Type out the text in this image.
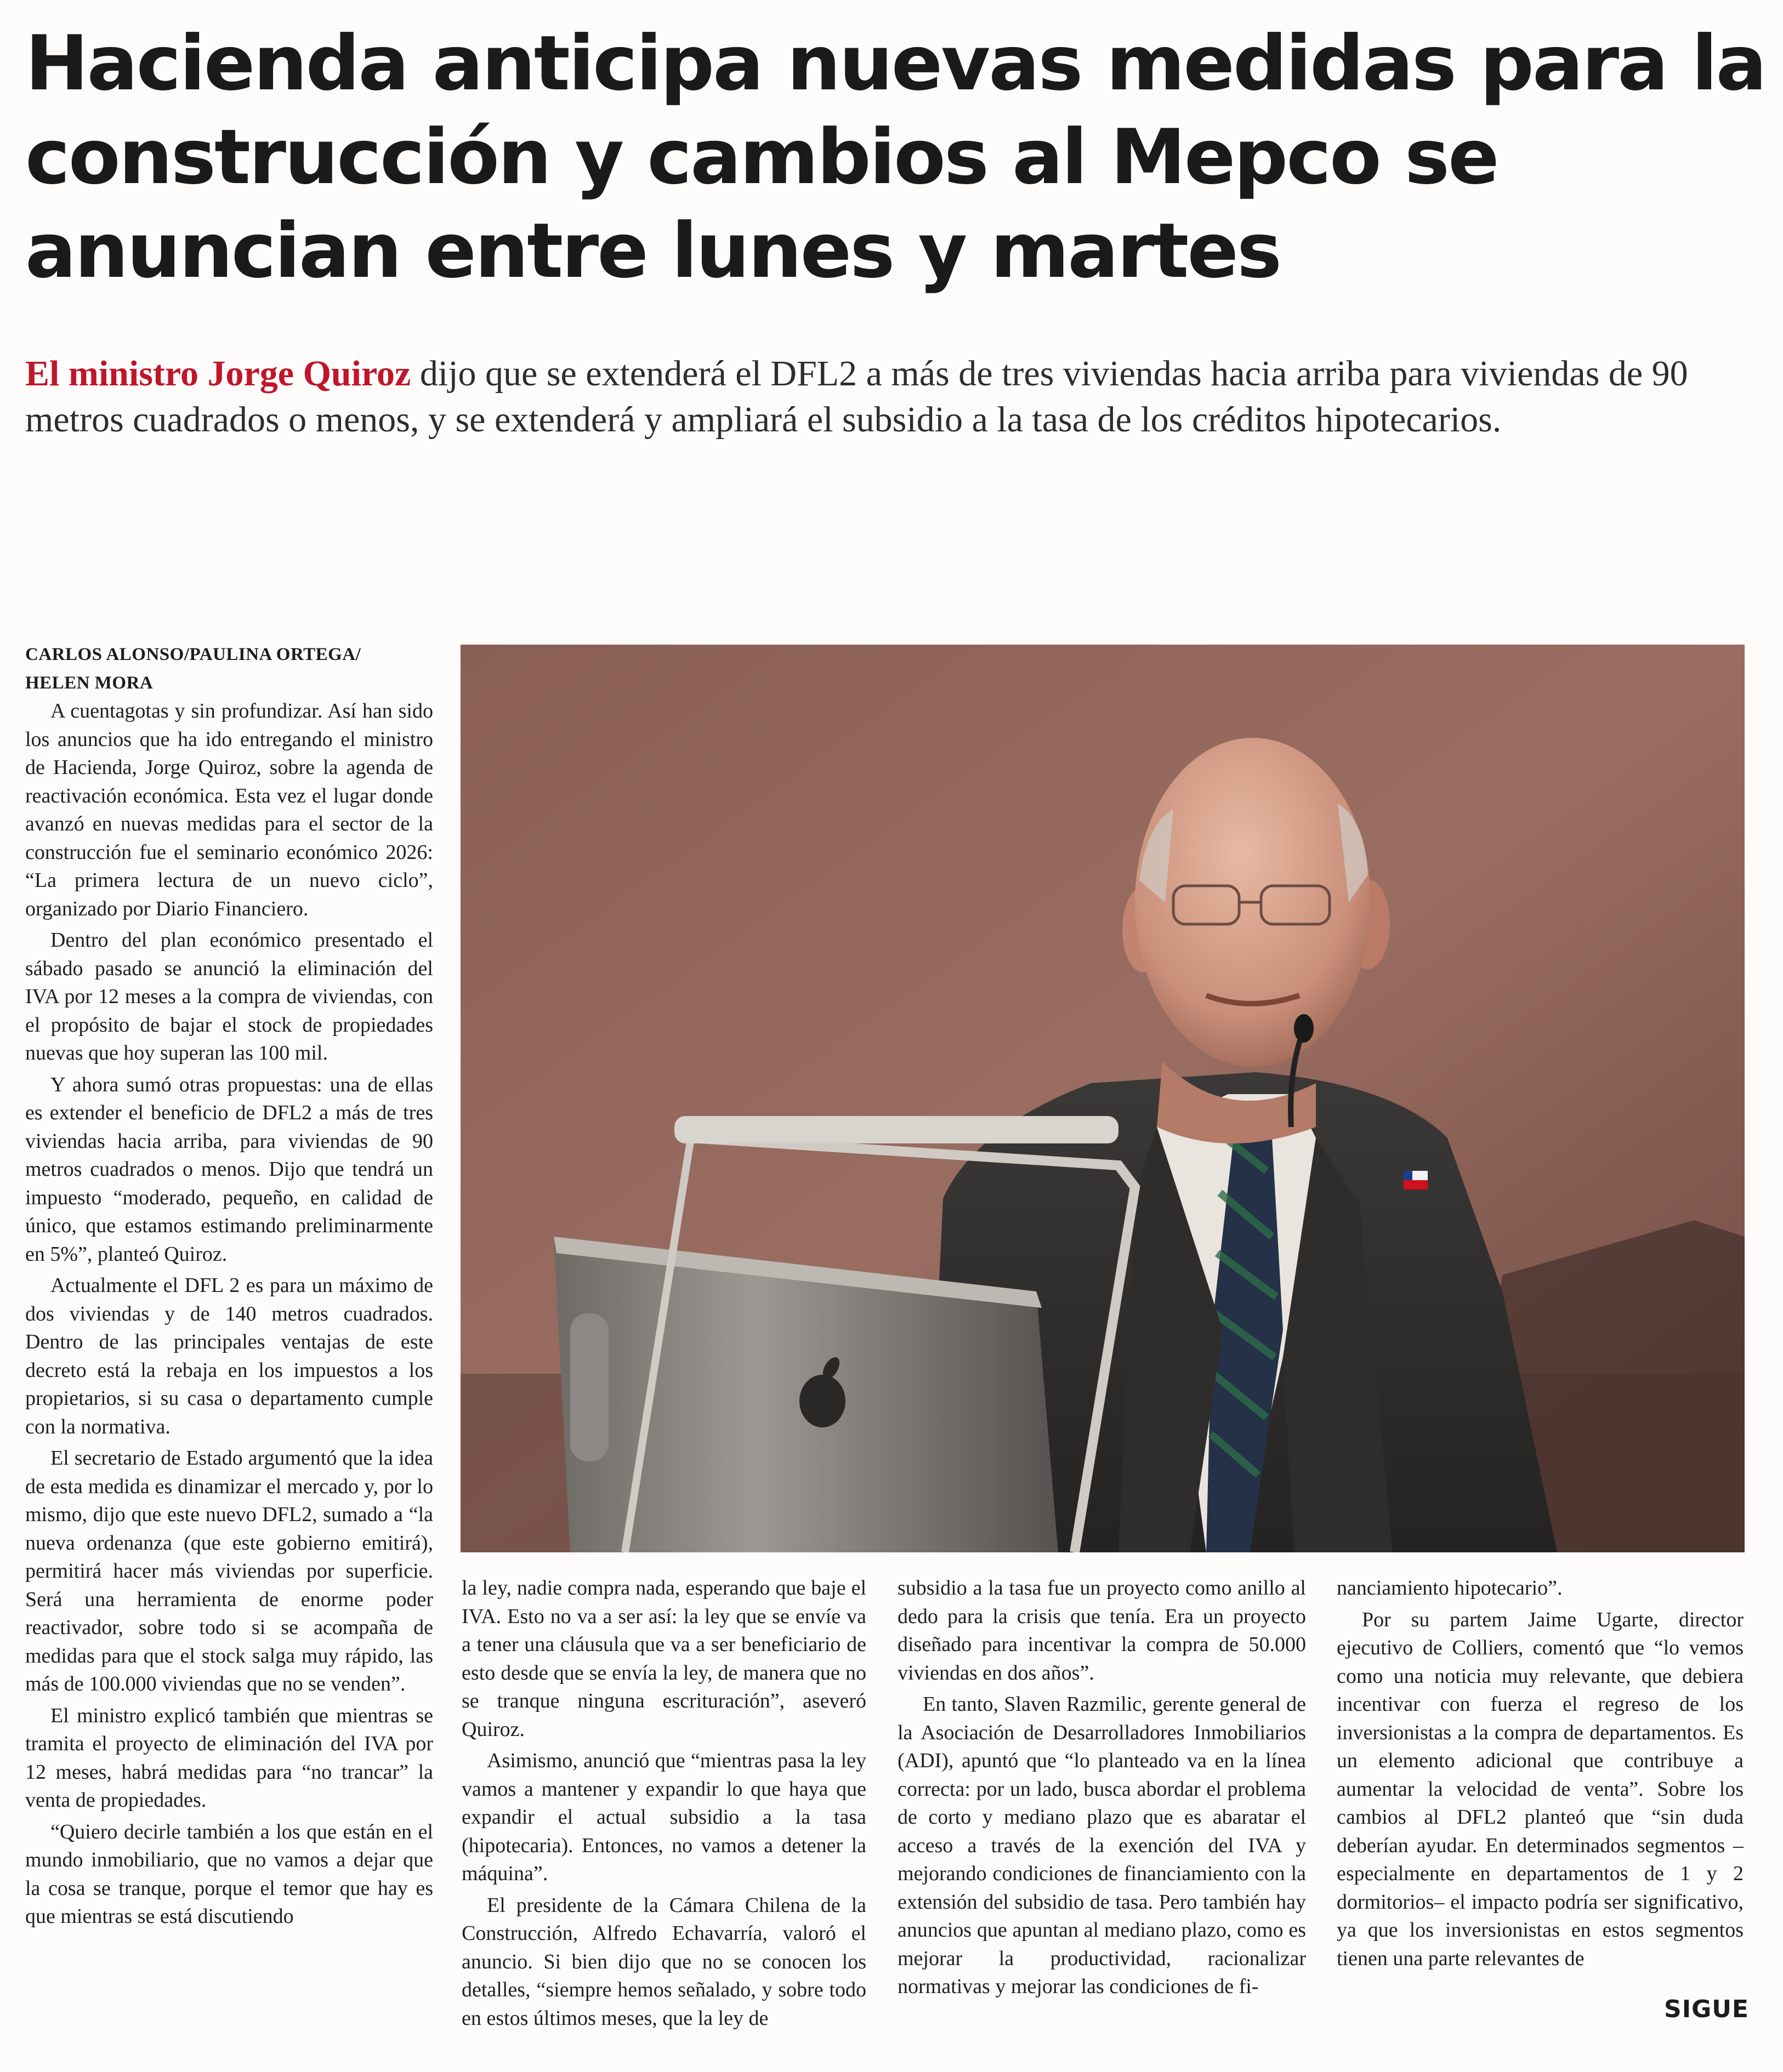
Hacienda anticipa nuevas medidas para la construcción y cambios al Mepco se anuncian entre lunes y martes

El ministro Jorge Quiroz dijo que se extenderá el DFL2 a más de tres viviendas hacia arriba para viviendas de 90 metros cuadrados o menos, y se extenderá y ampliará el subsidio a la tasa de los créditos hipotecarios.

CARLOS ALONSO/PAULINA ORTEGA/ HELEN MORA

A cuentagotas y sin profundizar. Así han sido los anuncios que ha ido entregando el ministro de Hacienda, Jorge Quiroz, sobre la agenda de reactivación económica. Esta vez el lugar donde avanzó en nuevas medidas para el sector de la construcción fue el seminario económico 2026: “La primera lectura de un nuevo ciclo”, organizado por Diario Financiero.

Dentro del plan económico presentado el sábado pasado se anunció la eliminación del IVA por 12 meses a la compra de viviendas, con el propósito de bajar el stock de propiedades nuevas que hoy superan las 100 mil.

Y ahora sumó otras propuestas: una de ellas es extender el beneficio de DFL2 a más de tres viviendas hacia arriba, para viviendas de 90 metros cuadrados o menos. Dijo que tendrá un impuesto “moderado, pequeño, en calidad de único, que estamos estimando preliminarmente en 5%”, planteó Quiroz.

Actualmente el DFL 2 es para un máximo de dos viviendas y de 140 metros cuadrados. Dentro de las principales ventajas de este decreto está la rebaja en los impuestos a los propietarios, si su casa o departamento cumple con la normativa.

El secretario de Estado argumentó que la idea de esta medida es dinamizar el mercado y, por lo mismo, dijo que este nuevo DFL2, sumado a “la nueva ordenanza (que este gobierno emitirá), permitirá hacer más viviendas por superficie. Será una herramienta de enorme poder reactivador, sobre todo si se acompaña de medidas para que el stock salga muy rápido, las más de 100.000 viviendas que no se venden”.

El ministro explicó también que mientras se tramita el proyecto de eliminación del IVA por 12 meses, habrá medidas para “no trancar” la venta de propiedades.

“Quiero decirle también a los que están en el mundo inmobiliario, que no vamos a dejar que la cosa se tranque, porque el temor que hay es que mientras se está discutiendo

la ley, nadie compra nada, esperando que baje el IVA. Esto no va a ser así: la ley que se envíe va a tener una cláusula que va a ser beneficiario de esto desde que se envía la ley, de manera que no se tranque ninguna escrituración”, aseveró Quiroz.

Asimismo, anunció que “mientras pasa la ley vamos a mantener y expandir lo que haya que expandir el actual subsidio a la tasa (hipotecaria). Entonces, no vamos a detener la máquina”.

El presidente de la Cámara Chilena de la Construcción, Alfredo Echavarría, valoró el anuncio. Si bien dijo que no se conocen los detalles, “siempre hemos señalado, y sobre todo en estos últimos meses, que la ley de

subsidio a la tasa fue un proyecto como anillo al dedo para la crisis que tenía. Era un proyecto diseñado para incentivar la compra de 50.000 viviendas en dos años”.

En tanto, Slaven Razmilic, gerente general de la Asociación de Desarrolladores Inmobiliarios (ADI), apuntó que “lo planteado va en la línea correcta: por un lado, busca abordar el problema de corto y mediano plazo que es abaratar el acceso a través de la exención del IVA y mejorando condiciones de financiamiento con la extensión del subsidio de tasa. Pero también hay anuncios que apuntan al mediano plazo, como es mejorar la productividad, racionalizar normativas y mejorar las condiciones de fi-

nanciamiento hipotecario”.

Por su partem Jaime Ugarte, director ejecutivo de Colliers, comentó que “lo vemos como una noticia muy relevante, que debiera incentivar con fuerza el regreso de los inversionistas a la compra de departamentos. Es un elemento adicional que contribuye a aumentar la velocidad de venta”. Sobre los cambios al DFL2 planteó que “sin duda deberían ayudar. En determinados segmentos –especialmente en departamentos de 1 y 2 dormitorios– el impacto podría ser significativo, ya que los inversionistas en estos segmentos tienen una parte relevantes de

SIGUE
